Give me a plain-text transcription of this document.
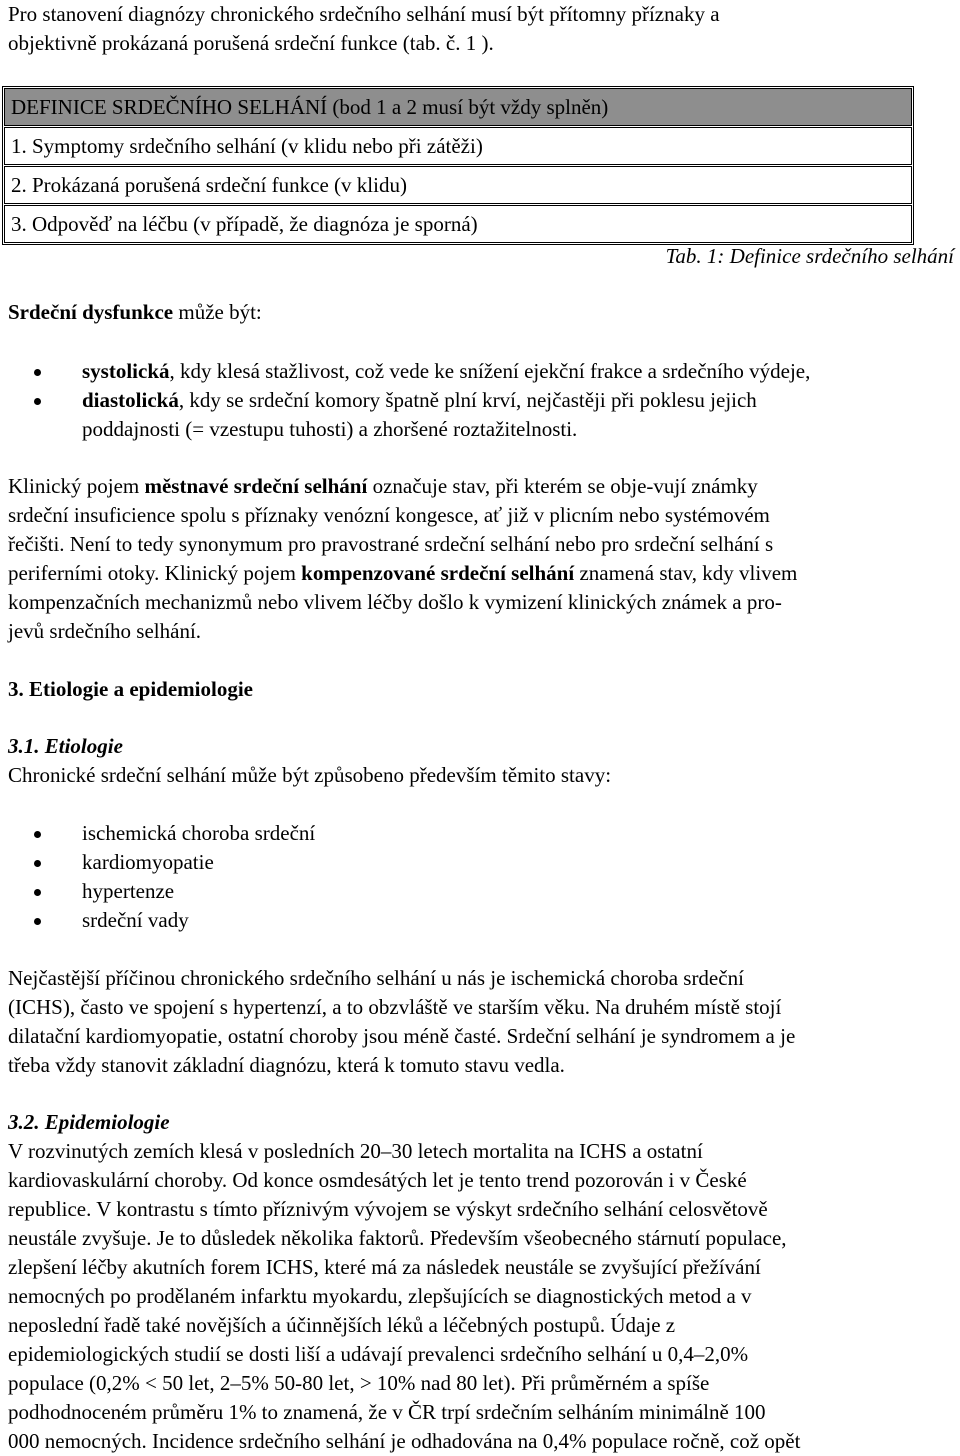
Pro stanovení diagnózy chronického srdečního selhání musí být přítomny příznaky a
objektivně prokázaná porušená srdeční funkce (tab. č. 1 ).

DEFINICE SRDEČNÍHO SELHÁNÍ (bod 1 a 2 musí být vždy splněn)
1. Symptomy srdečního selhání (v klidu nebo při zátěži)
2. Prokázaná porušená srdeční funkce (v klidu)
3. Odpověď na léčbu (v případě, že diagnóza je sporná)
Tab. 1: Definice srdečního selhání
Srdeční dysfunkce může být:
systolická, kdy klesá stažlivost, což vede ke snížení ejekční frakce a srdečního výdeje,
diastolická, kdy se srdeční komory špatně plní krví, nejčastěji při poklesu jejich
poddajnosti (= vzestupu tuhosti) a zhoršené roztažitelnosti.

Klinický pojem městnavé srdeční selhání označuje stav, při kterém se obje-vují známky
srdeční insuficience spolu s příznaky venózní kongesce, ať již v plicním nebo systémovém
řečišti. Není to tedy synonymum pro pravostrané srdeční selhání nebo pro srdeční selhání s
periferními otoky. Klinický pojem kompenzované srdeční selhání znamená stav, kdy vlivem
kompenzačních mechanizmů nebo vlivem léčby došlo k vymizení klinických známek a pro-
jevů srdečního selhání.

3. Etiologie a epidemiologie
3.1. Etiologie
Chronické srdeční selhání může být způsobeno především těmito stavy:
ischemická choroba srdeční
kardiomyopatie
hypertenze
srdeční vady

Nejčastější příčinou chronického srdečního selhání u nás je ischemická choroba srdeční
(ICHS), často ve spojení s hypertenzí, a to obzvláště ve starším věku. Na druhém místě stojí
dilatační kardiomyopatie, ostatní choroby jsou méně časté. Srdeční selhání je syndromem a je
třeba vždy stanovit základní diagnózu, která k tomuto stavu vedla.

3.2. Epidemiologie

V rozvinutých zemích klesá v posledních 20–30 letech mortalita na ICHS a ostatní
kardiovaskulární choroby. Od konce osmdesátých let je tento trend pozorován i v České
republice. V kontrastu s tímto příznivým vývojem se výskyt srdečního selhání celosvětově
neustále zvyšuje. Je to důsledek několika faktorů. Především všeobecného stárnutí populace,
zlepšení léčby akutních forem ICHS, které má za následek neustále se zvyšující přežívání
nemocných po prodělaném infarktu myokardu, zlepšujících se diagnostických metod a v
neposlední řadě také novějších a účinnějších léků a léčebných postupů. Údaje z
epidemiologických studií se dosti liší a udávají prevalenci srdečního selhání u 0,4–2,0%
populace (0,2% < 50 let, 2–5% 50-80 let, > 10% nad 80 let). Při průměrném a spíše
podhodnoceném průměru 1% to znamená, že v ČR trpí srdečním selháním minimálně 100
000 nemocných. Incidence srdečního selhání je odhadována na 0,4% populace ročně, což opět
